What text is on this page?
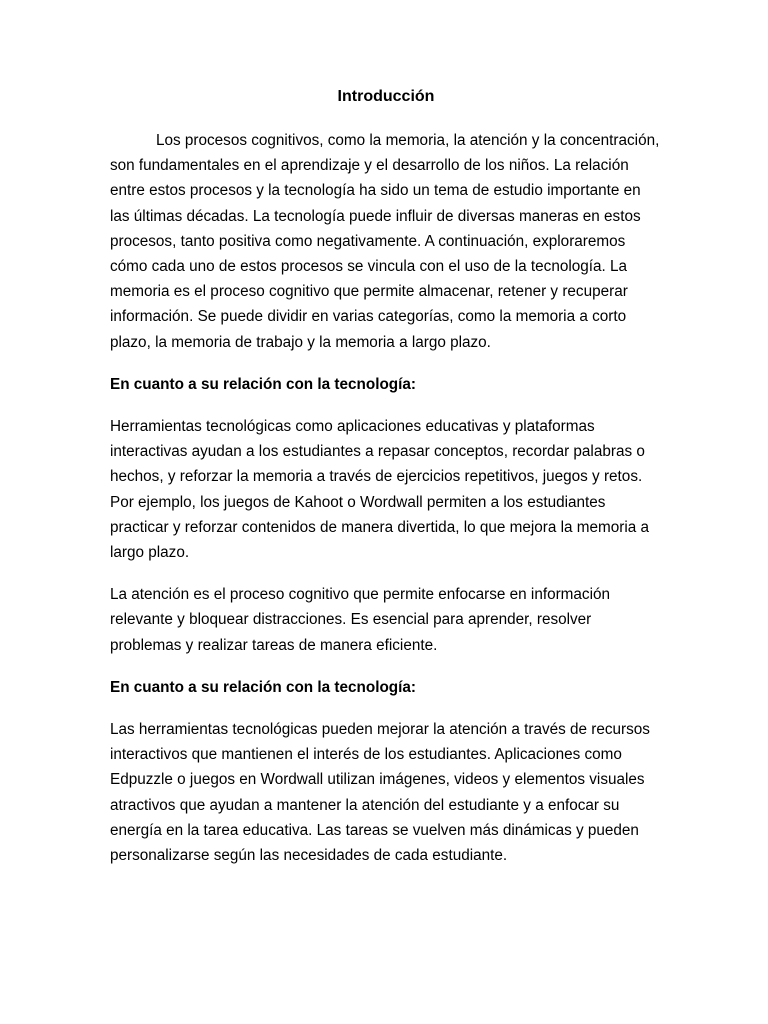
Introducción

Los procesos cognitivos, como la memoria, la atención y la concentración, son fundamentales en el aprendizaje y el desarrollo de los niños. La relación entre estos procesos y la tecnología ha sido un tema de estudio importante en las últimas décadas. La tecnología puede influir de diversas maneras en estos procesos, tanto positiva como negativamente. A continuación, exploraremos cómo cada uno de estos procesos se vincula con el uso de la tecnología. La memoria es el proceso cognitivo que permite almacenar, retener y recuperar información. Se puede dividir en varias categorías, como la memoria a corto plazo, la memoria de trabajo y la memoria a largo plazo.

En cuanto a su relación con la tecnología:

Herramientas tecnológicas como aplicaciones educativas y plataformas interactivas ayudan a los estudiantes a repasar conceptos, recordar palabras o hechos, y reforzar la memoria a través de ejercicios repetitivos, juegos y retos. Por ejemplo, los juegos de Kahoot o Wordwall permiten a los estudiantes practicar y reforzar contenidos de manera divertida, lo que mejora la memoria a largo plazo.

La atención es el proceso cognitivo que permite enfocarse en información relevante y bloquear distracciones. Es esencial para aprender, resolver problemas y realizar tareas de manera eficiente.

En cuanto a su relación con la tecnología:

Las herramientas tecnológicas pueden mejorar la atención a través de recursos interactivos que mantienen el interés de los estudiantes. Aplicaciones como Edpuzzle o juegos en Wordwall utilizan imágenes, videos y elementos visuales atractivos que ayudan a mantener la atención del estudiante y a enfocar su energía en la tarea educativa. Las tareas se vuelven más dinámicas y pueden personalizarse según las necesidades de cada estudiante.
